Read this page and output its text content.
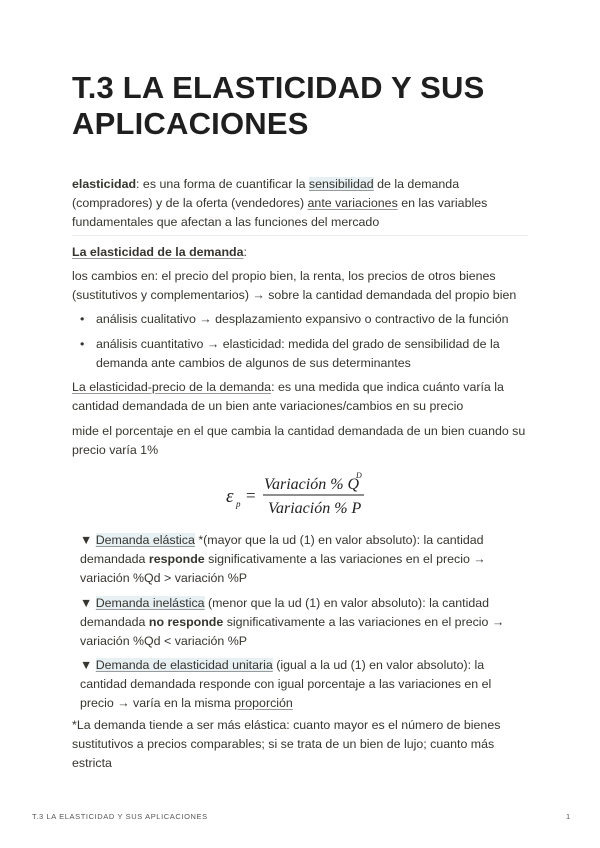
T.3 LA ELASTICIDAD Y SUS APLICACIONES

elasticidad: es una forma de cuantificar la sensibilidad de la demanda (compradores) y de la oferta (vendedores) ante variaciones en las variables fundamentales que afectan a las funciones del mercado

La elasticidad de la demanda:

los cambios en: el precio del propio bien, la renta, los precios de otros bienes (sustitutivos y complementarios) → sobre la cantidad demandada del propio bien

• análisis cualitativo → desplazamiento expansivo o contractivo de la función
• análisis cuantitativo → elasticidad: medida del grado de sensibilidad de la demanda ante cambios de algunos de sus determinantes

La elasticidad-precio de la demanda: es una medida que indica cuánto varía la cantidad demandada de un bien ante variaciones/cambios en su precio

mide el porcentaje en el que cambia la cantidad demandada de un bien cuando su precio varía 1%

ε p =
Variación % Q
D
Variación % P

▼ Demanda elástica *(mayor que la ud (1) en valor absoluto): la cantidad demandada responde significativamente a las variaciones en el precio → variación %Qd > variación %P

▼ Demanda inelástica (menor que la ud (1) en valor absoluto): la cantidad demandada no responde significativamente a las variaciones en el precio → variación %Qd < variación %P

▼ Demanda de elasticidad unitaria (igual a la ud (1) en valor absoluto): la cantidad demandada responde con igual porcentaje a las variaciones en el precio → varía en la misma proporción

*La demanda tiende a ser más elástica: cuanto mayor es el número de bienes sustitutivos a precios comparables; si se trata de un bien de lujo; cuanto más estricta

T.3 LA ELASTICIDAD Y SUS APLICACIONES	1
